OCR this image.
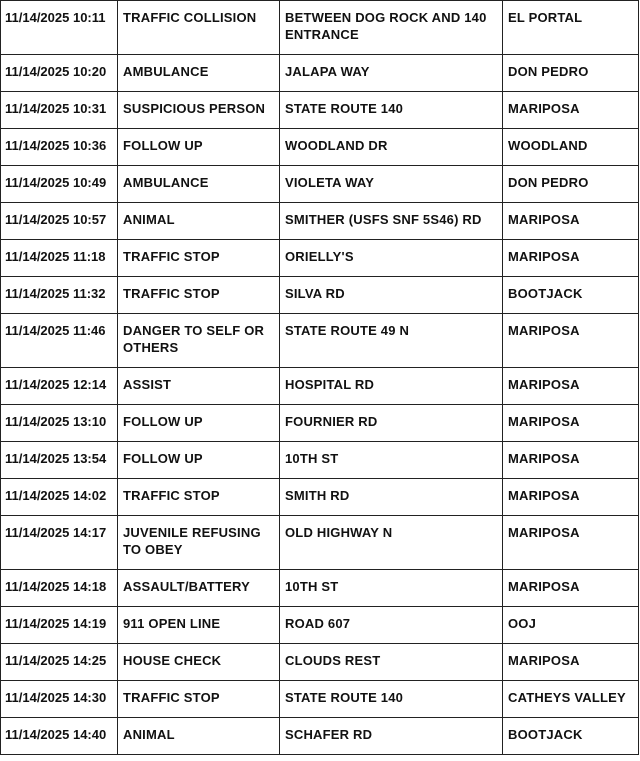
11/14/2025 10:11	TRAFFIC COLLISION	BETWEEN DOG ROCK AND 140 ENTRANCE	EL PORTAL
11/14/2025 10:20	AMBULANCE	JALAPA WAY	DON PEDRO
11/14/2025 10:31	SUSPICIOUS PERSON	STATE ROUTE 140	MARIPOSA
11/14/2025 10:36	FOLLOW UP	WOODLAND DR	WOODLAND
11/14/2025 10:49	AMBULANCE	VIOLETA WAY	DON PEDRO
11/14/2025 10:57	ANIMAL	SMITHER (USFS SNF 5S46) RD	MARIPOSA
11/14/2025 11:18	TRAFFIC STOP	ORIELLY'S	MARIPOSA
11/14/2025 11:32	TRAFFIC STOP	SILVA RD	BOOTJACK
11/14/2025 11:46	DANGER TO SELF OR OTHERS	STATE ROUTE 49 N	MARIPOSA
11/14/2025 12:14	ASSIST	HOSPITAL RD	MARIPOSA
11/14/2025 13:10	FOLLOW UP	FOURNIER RD	MARIPOSA
11/14/2025 13:54	FOLLOW UP	10TH ST	MARIPOSA
11/14/2025 14:02	TRAFFIC STOP	SMITH RD	MARIPOSA
11/14/2025 14:17	JUVENILE REFUSING TO OBEY	OLD HIGHWAY N	MARIPOSA
11/14/2025 14:18	ASSAULT/BATTERY	10TH ST	MARIPOSA
11/14/2025 14:19	911 OPEN LINE	ROAD 607	OOJ
11/14/2025 14:25	HOUSE CHECK	CLOUDS REST	MARIPOSA
11/14/2025 14:30	TRAFFIC STOP	STATE ROUTE 140	CATHEYS VALLEY
11/14/2025 14:40	ANIMAL	SCHAFER RD	BOOTJACK
